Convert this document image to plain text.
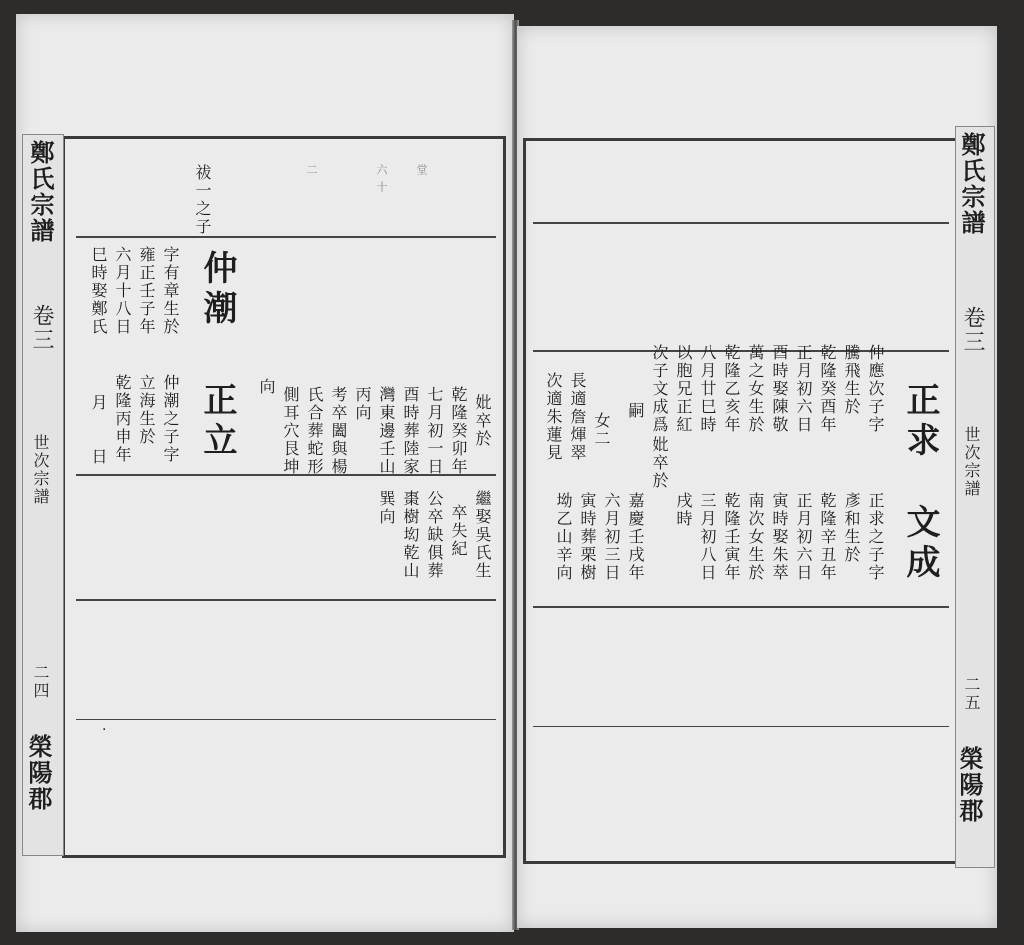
鄭氏宗譜
卷三
世次宗譜
二四
榮陽郡
祓一之子	二	六十 堂
仲潮
字有章生於
雍正壬子年
六月十八日
巳時娶鄭氏
妣卒於
乾隆癸卯年
七月初一日
酉時葬陸家
灣東邊壬山
丙向
考卒闔與楊
氏合葬蛇形
側耳穴艮坤
向
正立
仲潮之子字
立海生於
乾隆丙申年
月　　日
繼娶吳氏生
卒失紀
公卒缺俱葬
棗樹㘭乾山
巽向
·
鄭氏宗譜
卷三
世次宗譜
二五
榮陽郡
正求
仲應次子字
騰飛生於
乾隆癸酉年
正月初六日
酉時娶陳敬
萬之女生於
乾隆乙亥年
八月廿巳時
以胞兄正紅
次子文成爲
嗣
女二
長適詹煇翠
次適朱蓮見
文成
正求之子字
彥和生於
乾隆辛丑年
正月初六日
寅時娶朱萃
南次女生於
乾隆壬寅年
三月初八日
戌時
妣卒於
嘉慶壬戌年
六月初三日
寅時葬栗樹
坳乙山辛向
